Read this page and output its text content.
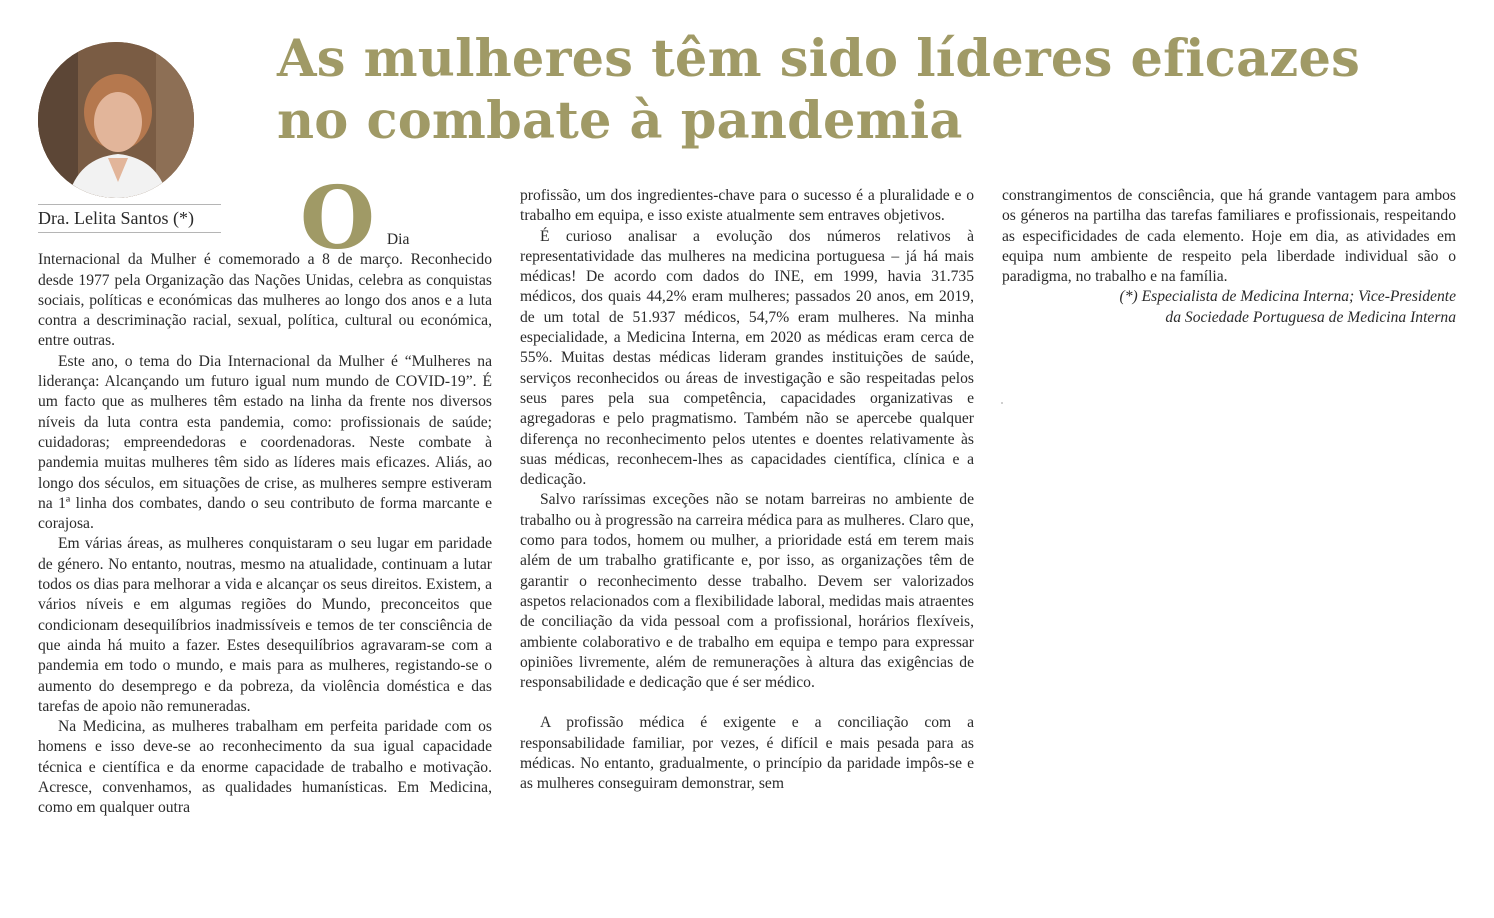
Dra. Lelita Santos (*)
As mulheres têm sido líderes eficazes
no combate à pandemia
O Dia Internacional da Mulher é comemorado a 8 de março. Reconhecido desde 1977 pela Organização das Nações Unidas, celebra as conquistas sociais, políticas e económicas das mulheres ao longo dos anos e a luta contra a descriminação racial, sexual, política, cultural ou económica, entre outras.

Este ano, o tema do Dia Internacional da Mulher é “Mulheres na liderança: Alcançando um futuro igual num mundo de COVID-19”. É um facto que as mulheres têm estado na linha da frente nos diversos níveis da luta contra esta pandemia, como: profissionais de saúde; cuidadoras; empreendedoras e coordenadoras. Neste combate à pandemia muitas mulheres têm sido as líderes mais eficazes. Aliás, ao longo dos séculos, em situações de crise, as mulheres sempre estiveram na 1ª linha dos combates, dando o seu contributo de forma marcante e corajosa.

Em várias áreas, as mulheres conquistaram o seu lugar em paridade de género. No entanto, noutras, mesmo na atualidade, continuam a lutar todos os dias para melhorar a vida e alcançar os seus direitos. Existem, a vários níveis e em algumas regiões do Mundo, preconceitos que condicionam desequilíbrios inadmissíveis e temos de ter consciência de que ainda há muito a fazer. Estes desequilíbrios agravaram-se com a pandemia em todo o mundo, e mais para as mulheres, registando-se o aumento do desemprego e da pobreza, da violência doméstica e das tarefas de apoio não remuneradas.

Na Medicina, as mulheres trabalham em perfeita paridade com os homens e isso deve-se ao reconhecimento da sua igual capacidade técnica e científica e da enorme capacidade de trabalho e motivação. Acresce, convenhamos, as qualidades humanísticas. Em Medicina, como em qualquer outra

profissão, um dos ingredientes-chave para o sucesso é a pluralidade e o trabalho em equipa, e isso existe atualmente sem entraves objetivos.

É curioso analisar a evolução dos números relativos à representatividade das mulheres na medicina portuguesa – já há mais médicas! De acordo com dados do INE, em 1999, havia 31.735 médicos, dos quais 44,2% eram mulheres; passados 20 anos, em 2019, de um total de 51.937 médicos, 54,7% eram mulheres. Na minha especialidade, a Medicina Interna, em 2020 as médicas eram cerca de 55%. Muitas destas médicas lideram grandes instituições de saúde, serviços reconhecidos ou áreas de investigação e são respeitadas pelos seus pares pela sua competência, capacidades organizativas e agregadoras e pelo pragmatismo. Também não se apercebe qualquer diferença no reconhecimento pelos utentes e doentes relativamente às suas médicas, reconhecem-lhes as capacidades científica, clínica e a dedicação.

Salvo raríssimas exceções não se notam barreiras no ambiente de trabalho ou à progressão na carreira médica para as mulheres. Claro que, como para todos, homem ou mulher, a prioridade está em terem mais além de um trabalho gratificante e, por isso, as organizações têm de garantir o reconhecimento desse trabalho. Devem ser valorizados aspetos relacionados com a flexibilidade laboral, medidas mais atraentes de conciliação da vida pessoal com a profissional, horários flexíveis, ambiente colaborativo e de trabalho em equipa e tempo para expressar opiniões livremente, além de remunerações à altura das exigências de responsabilidade e dedicação que é ser médico.

A profissão médica é exigente e a conciliação com a responsabilidade familiar, por vezes, é difícil e mais pesada para as médicas. No entanto, gradualmente, o princípio da paridade impôs-se e as mulheres conseguiram demonstrar, sem

constrangimentos de consciência, que há grande vantagem para ambos os géneros na partilha das tarefas familiares e profissionais, respeitando as especificidades de cada elemento. Hoje em dia, as atividades em equipa num ambiente de respeito pela liberdade individual são o paradigma, no trabalho e na família.

(*) Especialista de Medicina Interna; Vice-Presidente
da Sociedade Portuguesa de Medicina Interna
